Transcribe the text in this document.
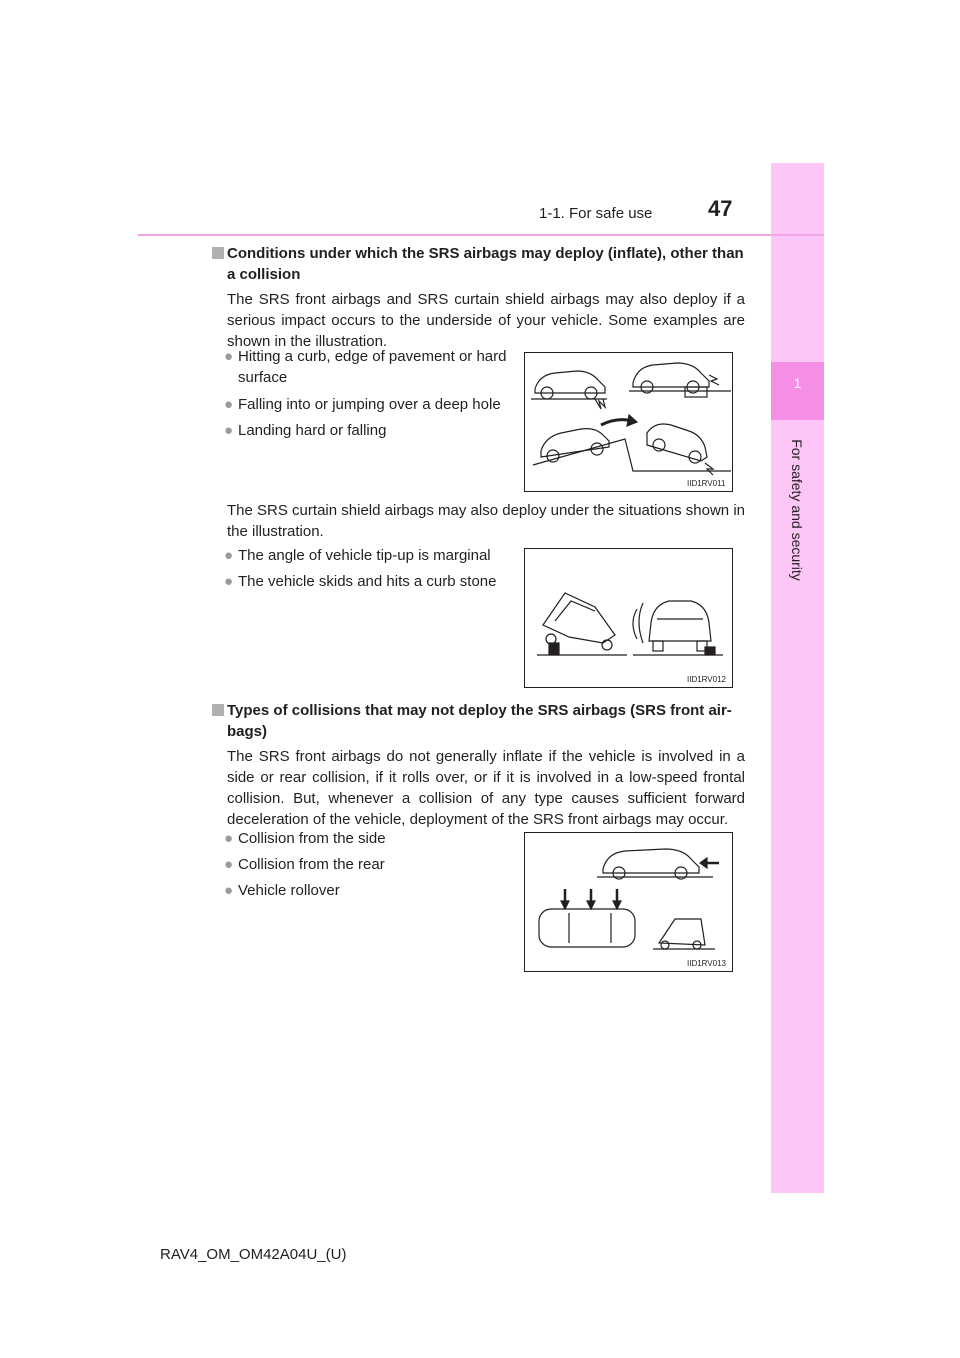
1
For safety and security
1-1. For safe use	47
Conditions under which the SRS airbags may deploy (inflate), other than a collision
The SRS front airbags and SRS curtain shield airbags may also deploy if a serious impact occurs to the underside of your vehicle. Some examples are shown in the illustration.
● Hitting a curb, edge of pavement or hard surface
● Falling into or jumping over a deep hole
● Landing hard or falling
IID1RV011
The SRS curtain shield airbags may also deploy under the situations shown in the illustration.
● The angle of vehicle tip-up is marginal
● The vehicle skids and hits a curb stone
IID1RV012
Types of collisions that may not deploy the SRS airbags (SRS front air-bags)
The SRS front airbags do not generally inflate if the vehicle is involved in a side or rear collision, if it rolls over, or if it is involved in a low-speed frontal collision. But, whenever a collision of any type causes sufficient forward deceleration of the vehicle, deployment of the SRS front airbags may occur.
● Collision from the side
● Collision from the rear
● Vehicle rollover
IID1RV013
RAV4_OM_OM42A04U_(U)
